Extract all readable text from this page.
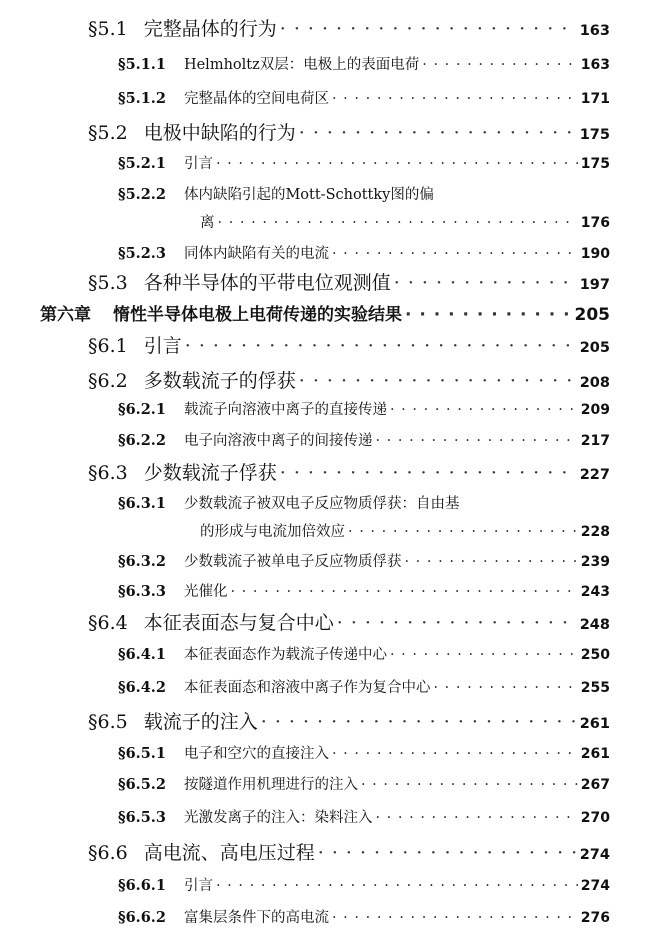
§5.1 完整晶体的行为 · · ·	163
§5.1.1 Helmholtz双层：电极上的表面电荷 · · ·	163
§5.1.2 完整晶体的空间电荷区 · · ·	171
§5.2 电极中缺陷的行为 · · ·	175
§5.2.1 引言 · · ·	175
§5.2.2 体内缺陷引起的Mott-Schottky图的偏
离 · · ·	176
§5.2.3 同体内缺陷有关的电流 · · ·	190
§5.3 各种半导体的平带电位观测值 · · ·	197
第六章 惰性半导体电极上电荷传递的实验结果 · · ·	205
§6.1 引言 · · ·	205
§6.2 多数载流子的俘获 · · ·	208
§6.2.1 载流子向溶液中离子的直接传递 · · ·	209
§6.2.2 电子向溶液中离子的间接传递 · · ·	217
§6.3 少数载流子俘获 · · ·	227
§6.3.1 少数载流子被双电子反应物质俘获：自由基
的形成与电流加倍效应 · · ·	228
§6.3.2 少数载流子被单电子反应物质俘获 · · ·	239
§6.3.3 光催化 · · ·	243
§6.4 本征表面态与复合中心 · · ·	248
§6.4.1 本征表面态作为载流子传递中心 · · ·	250
§6.4.2 本征表面态和溶液中离子作为复合中心 · · ·	255
§6.5 载流子的注入 · · ·	261
§6.5.1 电子和空穴的直接注入 · · ·	261
§6.5.2 按隧道作用机理进行的注入 · · ·	267
§6.5.3 光激发离子的注入：染料注入 · · ·	270
§6.6 高电流、高电压过程 · · ·	274
§6.6.1 引言 · · ·	274
§6.6.2 富集层条件下的高电流 · · ·	276
